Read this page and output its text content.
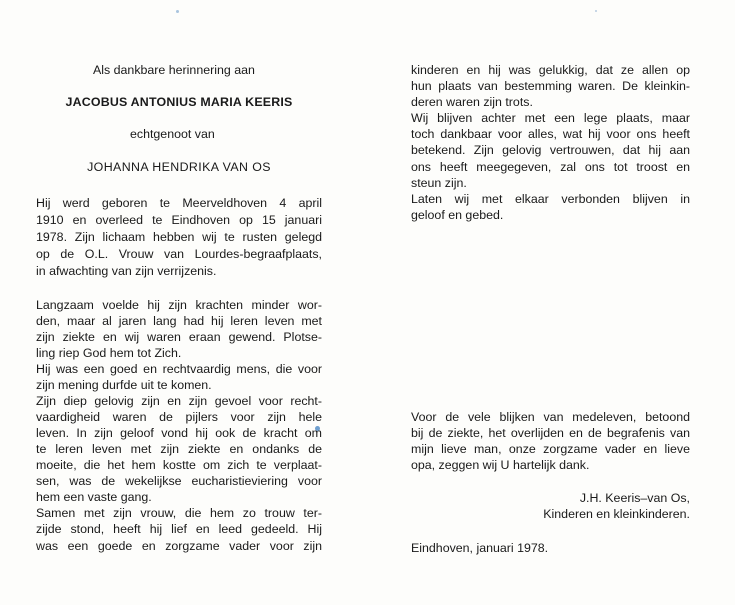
Als dankbare herinnering aan
JACOBUS ANTONIUS MARIA KEERIS
echtgenoot van
JOHANNA HENDRIKA VAN OS
Hij werd geboren te Meerveldhoven 4 april
1910 en overleed te Eindhoven op 15 januari
1978. Zijn lichaam hebben wij te rusten gelegd
op de O.L. Vrouw van Lourdes-begraafplaats,
in afwachting van zijn verrijzenis.
Langzaam voelde hij zijn krachten minder wor-
den, maar al jaren lang had hij leren leven met
zijn ziekte en wij waren eraan gewend. Plotse-
ling riep God hem tot Zich.
Hij was een goed en rechtvaardig mens, die voor
zijn mening durfde uit te komen.
Zijn diep gelovig zijn en zijn gevoel voor recht-
vaardigheid waren de pijlers voor zijn hele
leven. In zijn geloof vond hij ook de kracht om
te leren leven met zijn ziekte en ondanks de
moeite, die het hem kostte om zich te verplaat-
sen, was de wekelijkse eucharistieviering voor
hem een vaste gang.
Samen met zijn vrouw, die hem zo trouw ter-
zijde stond, heeft hij lief en leed gedeeld. Hij
was een goede en zorgzame vader voor zijn
kinderen en hij was gelukkig, dat ze allen op
hun plaats van bestemming waren. De kleinkin-
deren waren zijn trots.
Wij blijven achter met een lege plaats, maar
toch dankbaar voor alles, wat hij voor ons heeft
betekend. Zijn gelovig vertrouwen, dat hij aan
ons heeft meegegeven, zal ons tot troost en
steun zijn.
Laten wij met elkaar verbonden blijven in
geloof en gebed.
Voor de vele blijken van medeleven, betoond
bij de ziekte, het overlijden en de begrafenis van
mijn lieve man, onze zorgzame vader en lieve
opa, zeggen wij U hartelijk dank.
J.H. Keeris–van Os,
Kinderen en kleinkinderen.
Eindhoven, januari 1978.
